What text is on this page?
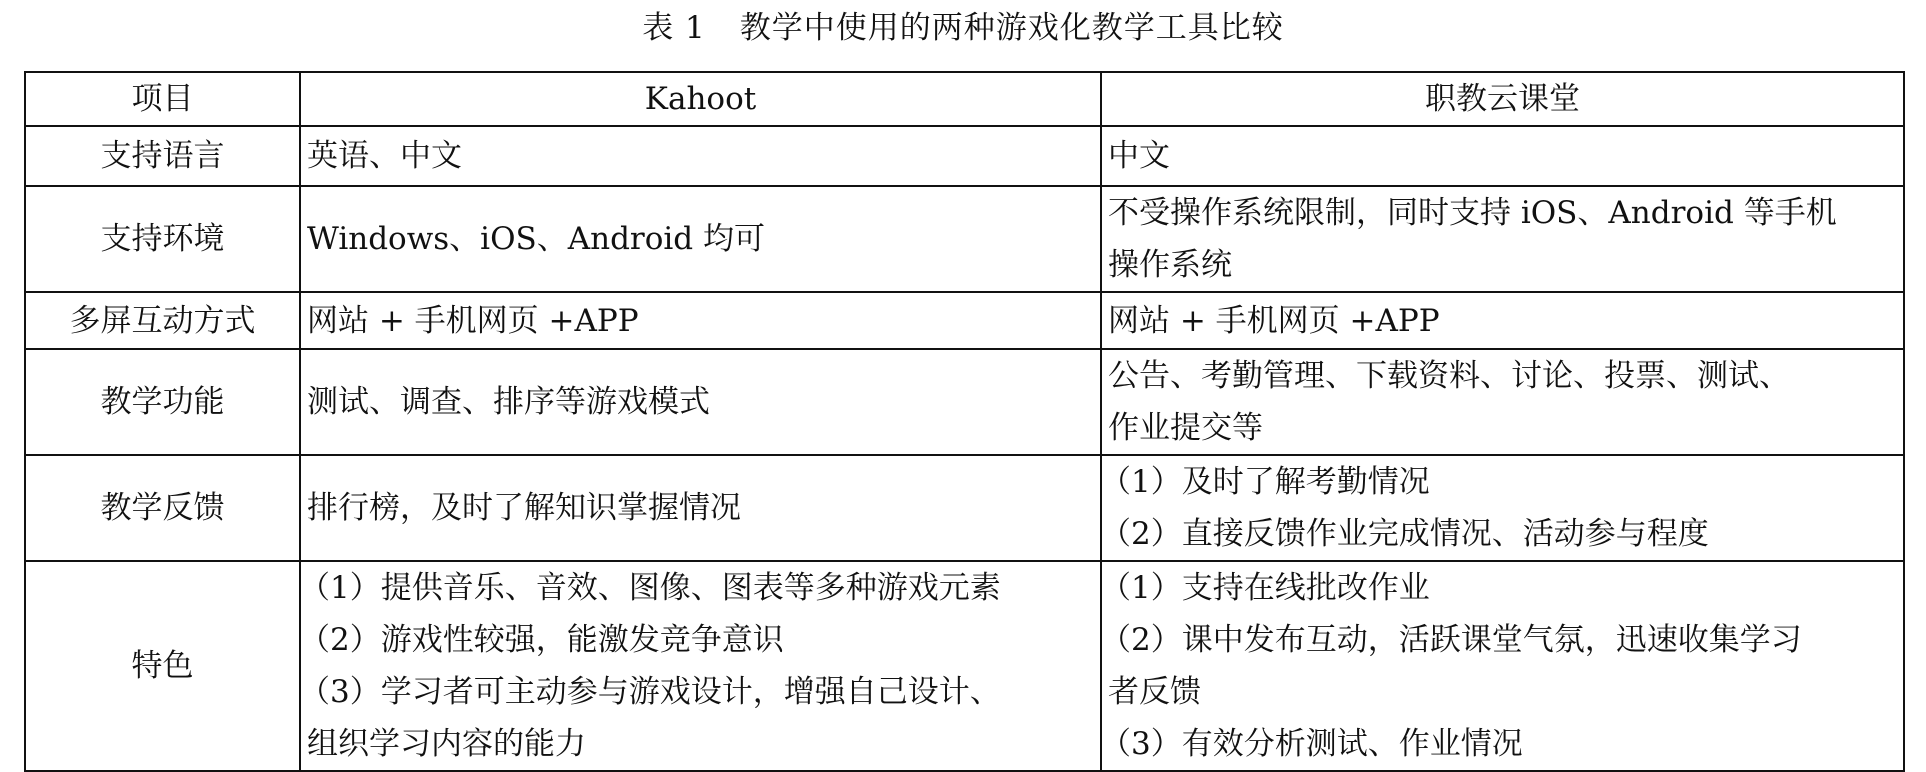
表 1 教学中使用的两种游戏化教学工具比较
项目	Kahoot	职教云课堂
支持语言	英语、中文	中文

支持环境	Windows、iOS、Android 均可	不受操作系统限制，同时支持 iOS、Android 等手机
操作系统

多屏互动方式	网站 + 手机网页 +APP	网站 + 手机网页 +APP

教学功能	测试、调查、排序等游戏模式	公告、考勤管理、下载资料、讨论、投票、测试、
作业提交等

教学反馈	排行榜，及时了解知识掌握情况	（1）及时了解考勤情况
（2）直接反馈作业完成情况、活动参与程度

特色	（1）提供音乐、音效、图像、图表等多种游戏元素
（2）游戏性较强，能激发竞争意识
（3）学习者可主动参与游戏设计，增强自己设计、
组织学习内容的能力	（1）支持在线批改作业
（2）课中发布互动，活跃课堂气氛，迅速收集学习
者反馈
（3）有效分析测试、作业情况
